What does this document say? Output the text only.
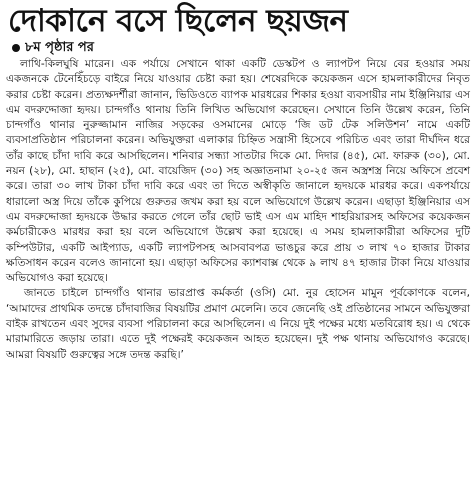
দোকানে বসে ছিলেন ছয়জন
৮ম পৃষ্ঠার পর

লাথি-কিলঘুষি মারেন। এক পর্যায়ে সেখানে থাকা একটি ডেস্কটপ ও ল্যাপটপ নিয়ে বের হওয়ার সময় একজনকে টেনেহিঁচড়ে বাইরে নিয়ে যাওয়ার চেষ্টা করা হয়। শেষেরদিকে কয়েকজন এসে হামলাকারীদের নিবৃত করার চেষ্টা করেন। প্রত্যক্ষদর্শীরা জানান, ভিডিওতে ব্যাপক মারধরের শিকার হওয়া ব্যবসায়ীর নাম ইঞ্জিনিয়ার এস এম বদরুদ্দোজা হৃদয়। চান্দগাঁও থানায় তিনি লিখিত অভিযোগ করেছেন। সেখানে তিনি উল্লেখ করেন, তিনি চান্দগাঁও থানার নুরুজ্জামান নাজির সড়কের ওসমানের মোড়ে ‘জি ডট টেক সলিউশন’ নামে একটি ব্যবসাপ্রতিষ্ঠান পরিচালনা করেন। অভিযুক্তরা এলাকার চিহ্নিত সন্ত্রাসী হিসেবে পরিচিত এবং তারা দীর্ঘদিন ধরে তাঁর কাছে চাঁদা দাবি করে আসছিলেন। শনিবার সন্ধ্যা সাতটার দিকে মো. দিদার (৪৫), মো. ফারুক (৩০), মো. নয়ন (২৮), মো. হাছান (২৫), মো. বায়েজিদ (৩০) সহ অজ্ঞাতনামা ২০-২৫ জন অস্ত্রশস্ত্র নিয়ে অফিসে প্রবেশ করে। তারা ৩০ লাখ টাকা চাঁদা দাবি করে এবং তা দিতে অস্বীকৃতি জানালে হৃদয়কে মারধর করে। একপর্যায়ে ধারালো অস্ত্র দিয়ে তাঁকে কুপিয়ে গুরুতর জখম করা হয় বলে অভিযোগে উল্লেখ করেন। এছাড়া ইঞ্জিনিয়ার এস এম বদরুদ্দোজা হৃদয়কে উদ্ধার করতে গেলে তাঁর ছোট ভাই এস এম মাহিদ শাহরিয়ারসহ অফিসের কয়েকজন কর্মচারীকেও মারধর করা হয় বলে অভিযোগে উল্লেখ করা হয়েছে। এ সময় হামলাকারীরা অফিসের দুটি কম্পিউটার, একটি আইপ্যাড, একটি ল্যাপটপসহ আসবাবপত্র ভাঙচুর করে প্রায় ৩ লাখ ৭০ হাজার টাকার ক্ষতিসাধন করেন বলেও জানানো হয়। এছাড়া অফিসের ক্যাশবাক্স থেকে ৯ লাখ ৪৭ হাজার টাকা নিয়ে যাওয়ার অভিযোগও করা হয়েছে।

জানতে চাইলে চান্দগাঁও থানার ভারপ্রাপ্ত কর্মকর্তা (ওসি) মো. নুর হোসেন মামুন পূর্বকোণকে বলেন, ‘আমাদের প্রাথমিক তদন্তে চাঁদাবাজির বিষয়টির প্রমাণ মেলেনি। তবে জেনেছি ওই প্রতিষ্ঠানের সামনে অভিযুক্তরা বাইক রাখতেন এবং সুদের ব্যবসা পরিচালনা করে আসছিলেন। এ নিয়ে দুই পক্ষের মধ্যে মতবিরোধ হয়। এ থেকে মারামারিতে জড়ায় তারা। এতে দুই পক্ষেরই কয়েকজন আহত হয়েছেন। দুই পক্ষ থানায় অভিযোগও করেছে। আমরা বিষয়টি গুরুত্বের সঙ্গে তদন্ত করছি।’
